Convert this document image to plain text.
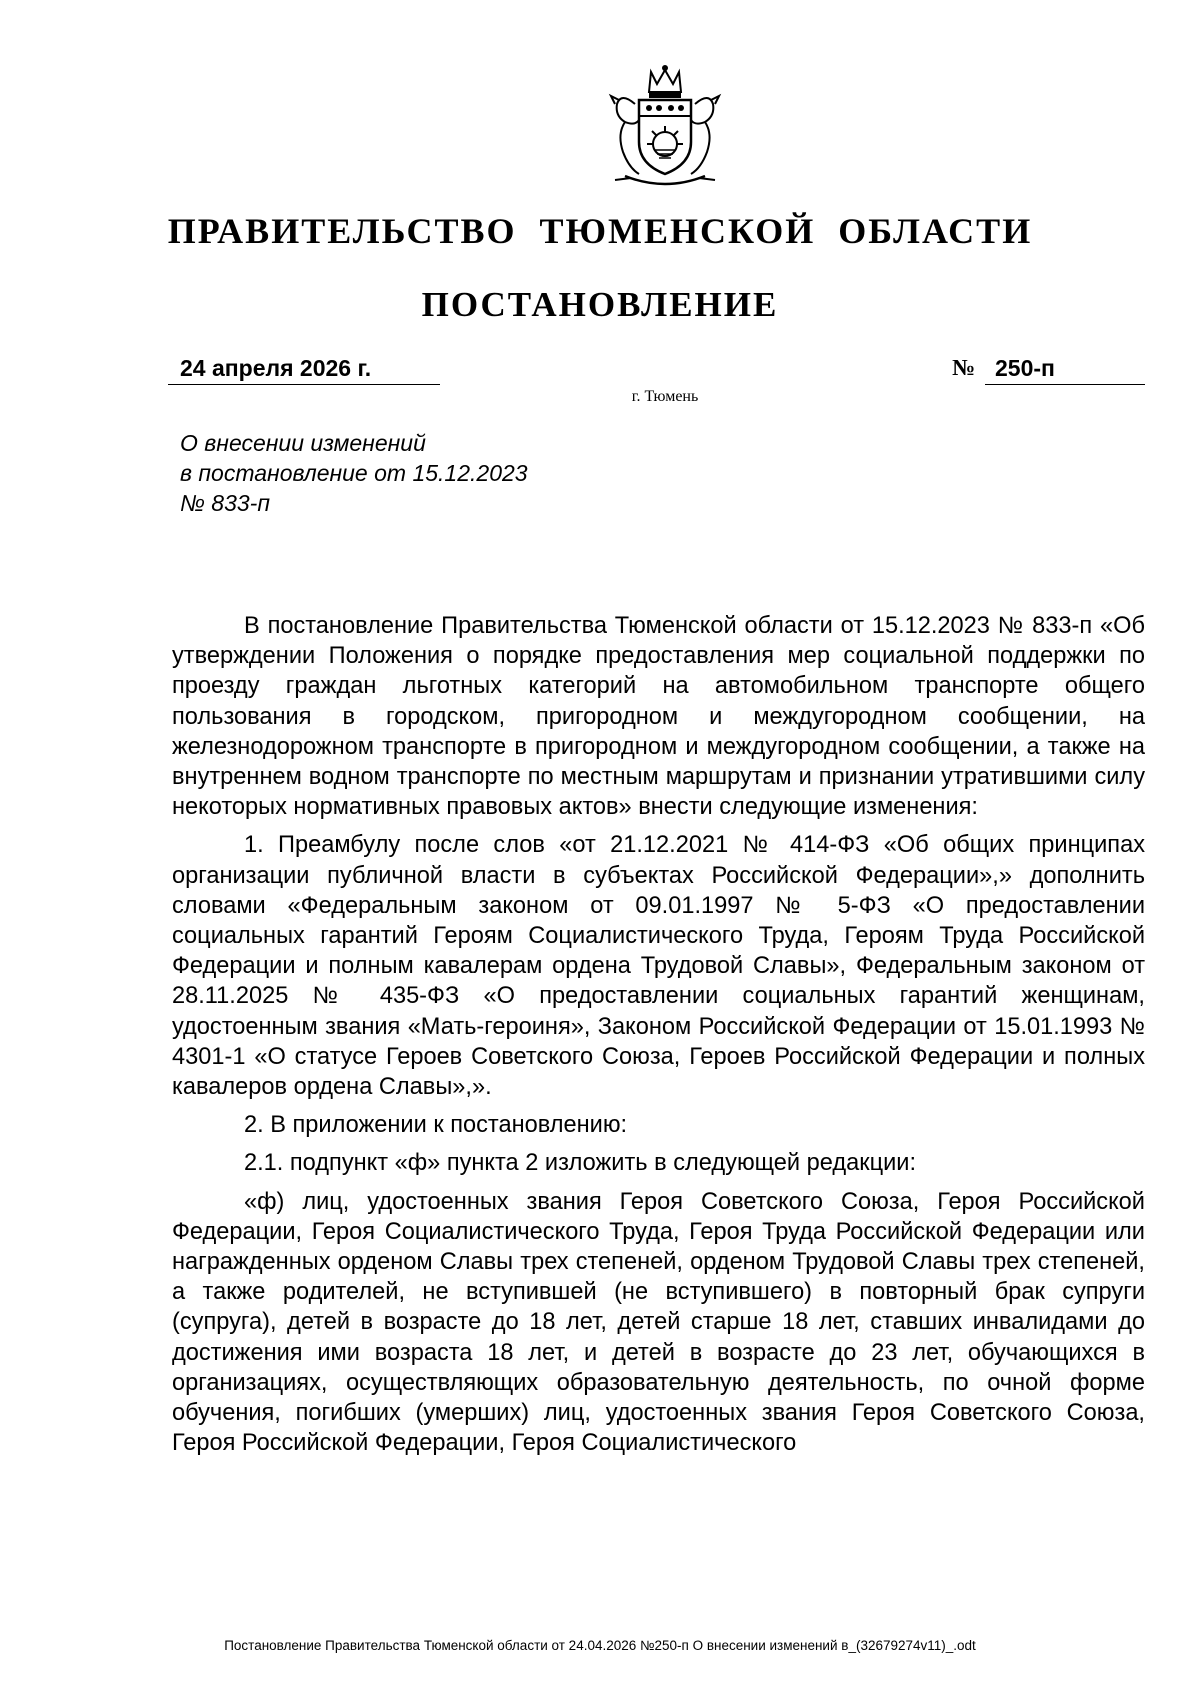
ПРАВИТЕЛЬСТВО ТЮМЕНСКОЙ ОБЛАСТИ
ПОСТАНОВЛЕНИЕ
24 апреля 2026 г.	№ 250-п
г. Тюмень
О внесении изменений
в постановление от 15.12.2023
№ 833-п

В постановление Правительства Тюменской области от 15.12.2023 № 833-п «Об утверждении Положения о порядке предоставления мер социальной поддержки по проезду граждан льготных категорий на автомобильном транспорте общего пользования в городском, пригородном и междугородном сообщении, на железнодорожном транспорте в пригородном и междугородном сообщении, а также на внутреннем водном транспорте по местным маршрутам и признании утратившими силу некоторых нормативных правовых актов» внести следующие изменения:

1. Преамбулу после слов «от 21.12.2021 № 414-ФЗ «Об общих принципах организации публичной власти в субъектах Российской Федерации»,» дополнить словами «Федеральным законом от 09.01.1997 № 5-ФЗ «О предоставлении социальных гарантий Героям Социалистического Труда, Героям Труда Российской Федерации и полным кавалерам ордена Трудовой Славы», Федеральным законом от 28.11.2025 № 435-ФЗ «О предоставлении социальных гарантий женщинам, удостоенным звания «Мать-героиня», Законом Российской Федерации от 15.01.1993 № 4301-1 «О статусе Героев Советского Союза, Героев Российской Федерации и полных кавалеров ордена Славы»,».

2. В приложении к постановлению:

2.1. подпункт «ф» пункта 2 изложить в следующей редакции:

«ф) лиц, удостоенных звания Героя Советского Союза, Героя Российской Федерации, Героя Социалистического Труда, Героя Труда Российской Федерации или награжденных орденом Славы трех степеней, орденом Трудовой Славы трех степеней, а также родителей, не вступившей (не вступившего) в повторный брак супруги (супруга), детей в возрасте до 18 лет, детей старше 18 лет, ставших инвалидами до достижения ими возраста 18 лет, и детей в возрасте до 23 лет, обучающихся в организациях, осуществляющих образовательную деятельность, по очной форме обучения, погибших (умерших) лиц, удостоенных звания Героя Советского Союза, Героя Российской Федерации, Героя Социалистического

Постановление Правительства Тюменской области от 24.04.2026 №250-п О внесении изменений в_(32679274v11)_.odt
